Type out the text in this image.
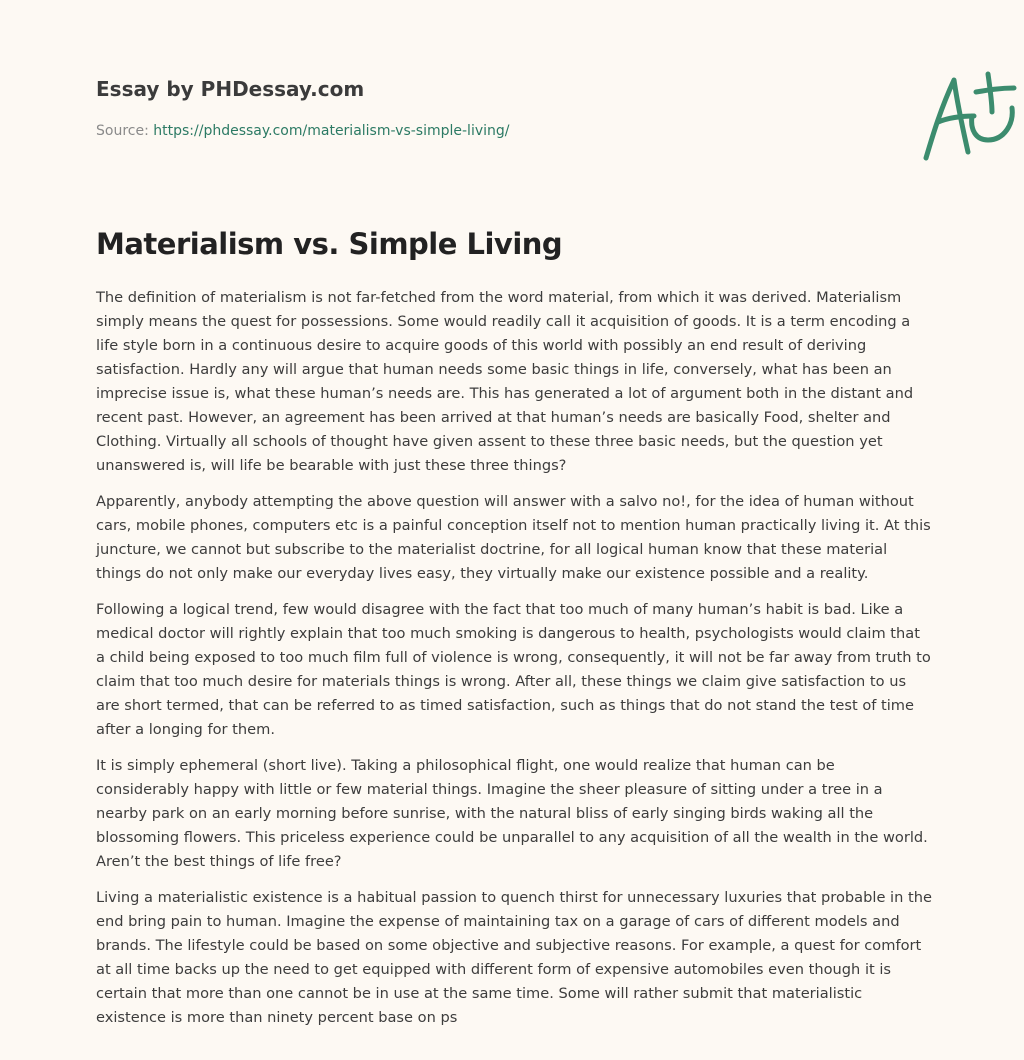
Essay by PHDessay.com
Source: https://phdessay.com/materialism-vs-simple-living/
Materialism vs. Simple Living

The definition of materialism is not far-fetched from the word material, from which it was derived. Materialism simply means the quest for possessions. Some would readily call it acquisition of goods. It is a term encoding a life style born in a continuous desire to acquire goods of this world with possibly an end result of deriving satisfaction. Hardly any will argue that human needs some basic things in life, conversely, what has been an imprecise issue is, what these human’s needs are. This has generated a lot of argument both in the distant and recent past. However, an agreement has been arrived at that human’s needs are basically Food, shelter and Clothing. Virtually all schools of thought have given assent to these three basic needs, but the question yet unanswered is, will life be bearable with just these three things?

Apparently, anybody attempting the above question will answer with a salvo no!, for the idea of human without cars, mobile phones, computers etc is a painful conception itself not to mention human practically living it. At this juncture, we cannot but subscribe to the materialist doctrine, for all logical human know that these material things do not only make our everyday lives easy, they virtually make our existence possible and a reality.

Following a logical trend, few would disagree with the fact that too much of many human’s habit is bad. Like a medical doctor will rightly explain that too much smoking is dangerous to health, psychologists would claim that a child being exposed to too much film full of violence is wrong, consequently, it will not be far away from truth to claim that too much desire for materials things is wrong. After all, these things we claim give satisfaction to us are short termed, that can be referred to as timed satisfaction, such as things that do not stand the test of time after a longing for them.

It is simply ephemeral (short live). Taking a philosophical flight, one would realize that human can be considerably happy with little or few material things. Imagine the sheer pleasure of sitting under a tree in a nearby park on an early morning before sunrise, with the natural bliss of early singing birds waking all the blossoming flowers. This priceless experience could be unparallel to any acquisition of all the wealth in the world. Aren’t the best things of life free?

Living a materialistic existence is a habitual passion to quench thirst for unnecessary luxuries that probable in the end bring pain to human. Imagine the expense of maintaining tax on a garage of cars of different models and brands. The lifestyle could be based on some objective and subjective reasons. For example, a quest for comfort at all time backs up the need to get equipped with different form of expensive automobiles even though it is certain that more than one cannot be in use at the same time. Some will rather submit that materialistic existence is more than ninety percent base on ps
